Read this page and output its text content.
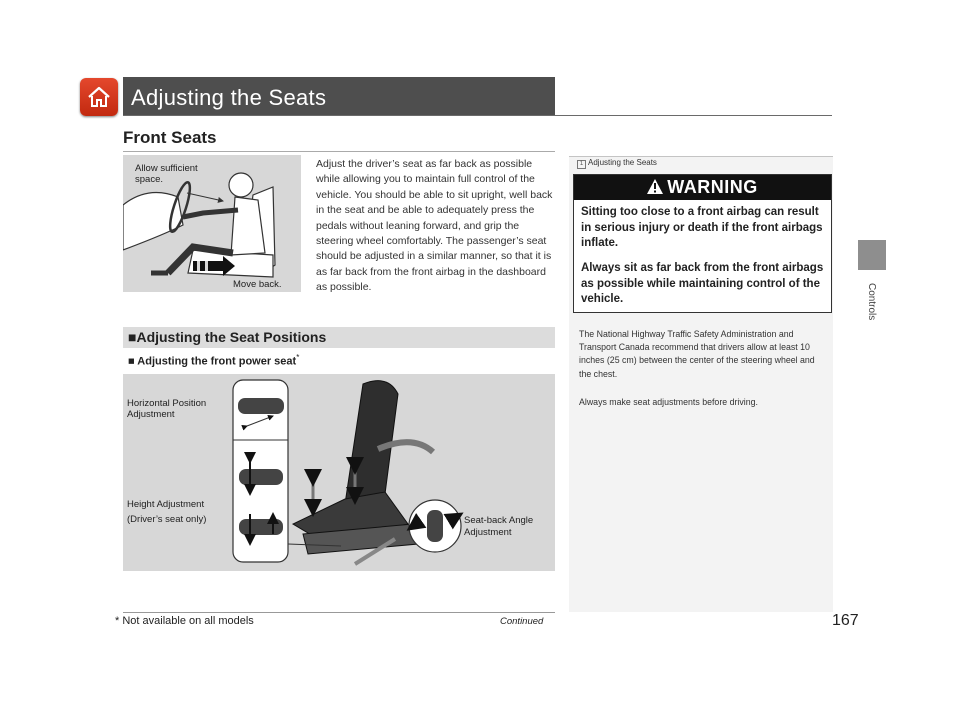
Adjusting the Seats
Controls
Front Seats
Allow sufficient space.
Move back.

Adjust the driver’s seat as far back as possible while allowing you to maintain full control of the vehicle. You should be able to sit upright, well back in the seat and be able to adequately press the pedals without leaning forward, and grip the steering wheel comfortably. The passenger’s seat should be adjusted in a similar manner, so that it is as far back from the front airbag in the dashboard as possible.

■Adjusting the Seat Positions
■ Adjusting the front power seat*
Horizontal Position
Adjustment
Height Adjustment
(Driver’s seat only)	Seat-back Angle
Adjustment
1 Adjusting the Seats
WARNING

Sitting too close to a front airbag can result in serious injury or death if the front airbags inflate.

Always sit as far back from the front airbags as possible while maintaining control of the vehicle.

The National Highway Traffic Safety Administration and Transport Canada recommend that drivers allow at least 10 inches (25 cm) between the center of the steering wheel and the chest.

Always make seat adjustments before driving.

* Not available on all models	Continued	167
